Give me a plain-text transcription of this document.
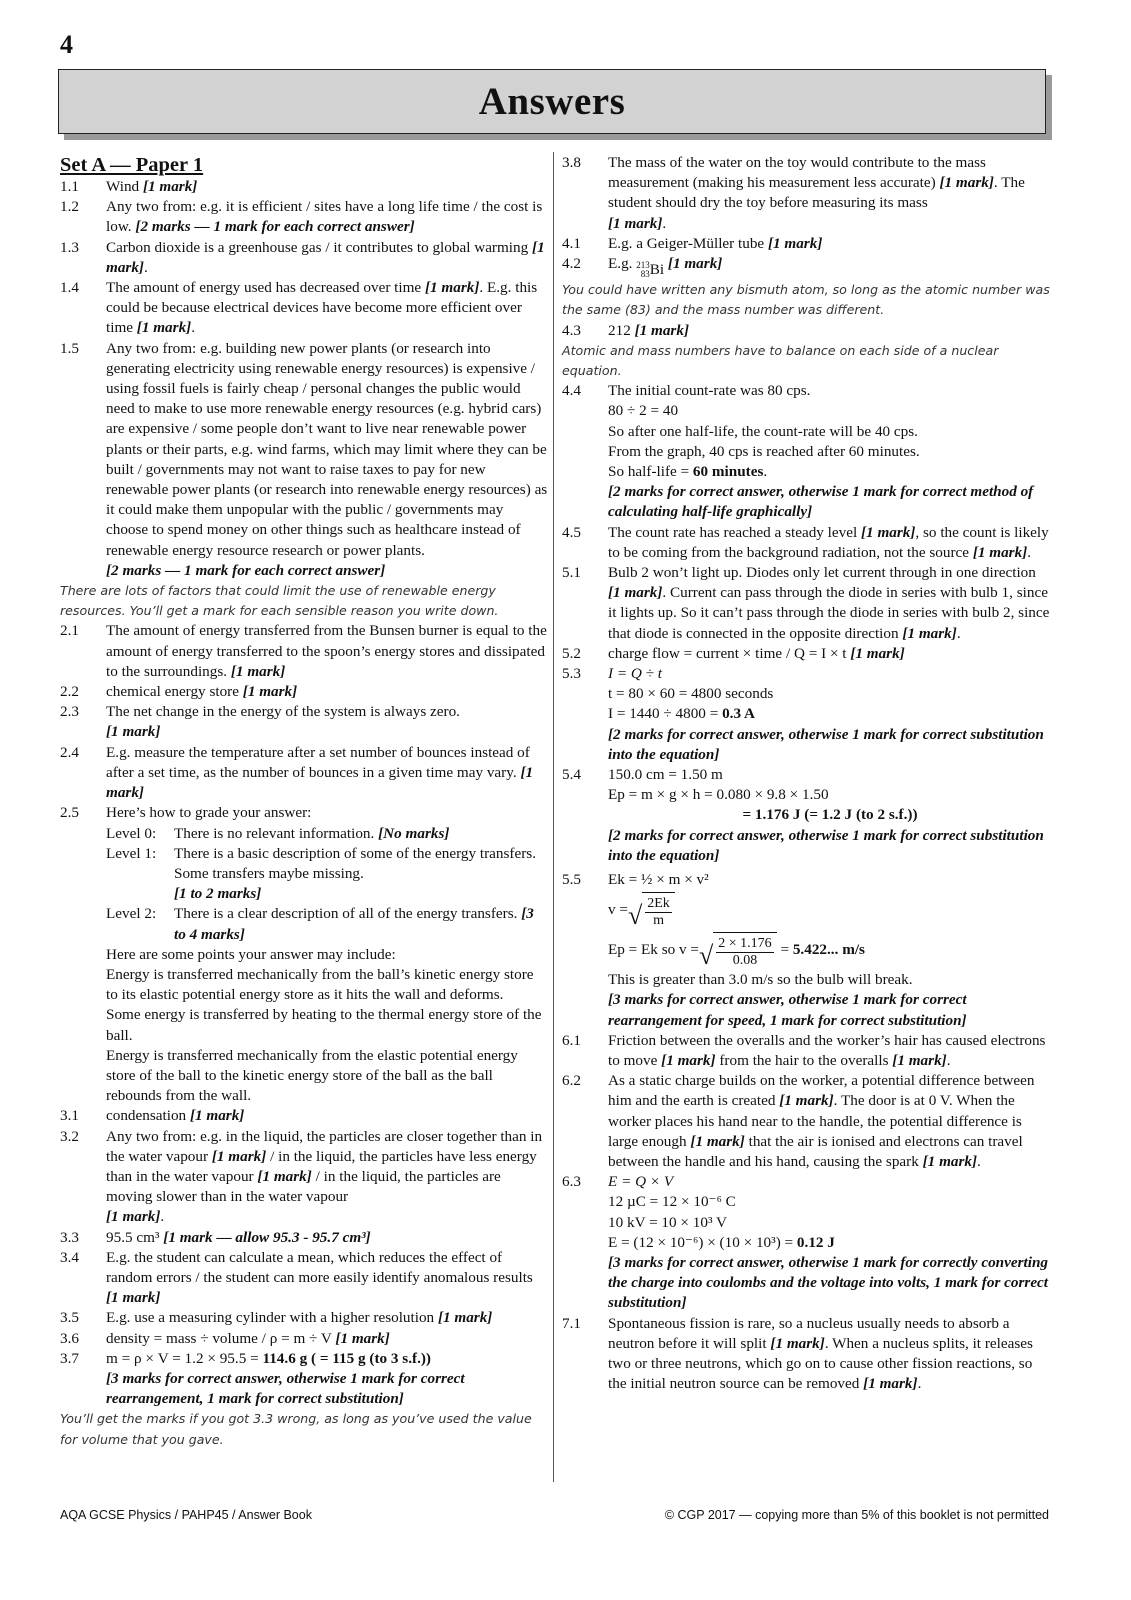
4
Answers
Set A — Paper 1
1.1	Wind [1 mark]
1.2	Any two from: e.g. it is efficient / sites have a long life time / the cost is low. [2 marks — 1 mark for each correct answer]
1.3	Carbon dioxide is a greenhouse gas / it contributes to global warming [1 mark].
1.4	The amount of energy used has decreased over time [1 mark]. E.g. this could be because electrical devices have become more efficient over time [1 mark].
1.5	Any two from: e.g. building new power plants (or research into generating electricity using renewable energy resources) is expensive / using fossil fuels is fairly cheap / personal changes the public would need to make to use more renewable energy resources (e.g. hybrid cars) are expensive / some people don’t want to live near renewable power plants or their parts, e.g. wind farms, which may limit where they can be built / governments may not want to raise taxes to pay for new renewable power plants (or research into renewable energy resources) as it could make them unpopular with the public / governments may choose to spend money on other things such as healthcare instead of renewable energy resource research or power plants.
[2 marks — 1 mark for each correct answer]
There are lots of factors that could limit the use of renewable energy resources. You’ll get a mark for each sensible reason you write down.
2.1	The amount of energy transferred from the Bunsen burner is equal to the amount of energy transferred to the spoon’s energy stores and dissipated to the surroundings. [1 mark]
2.2	chemical energy store [1 mark]
2.3	The net change in the energy of the system is always zero.
[1 mark]
2.4	E.g. measure the temperature after a set number of bounces instead of after a set time, as the number of bounces in a given time may vary. [1 mark]
2.5	Here’s how to grade your answer:
Level 0:	There is no relevant information. [No marks]
Level 1:	There is a basic description of some of the energy transfers. Some transfers maybe missing.
[1 to 2 marks]
Level 2:	There is a clear description of all of the energy transfers. [3 to 4 marks]
Here are some points your answer may include:
Energy is transferred mechanically from the ball’s kinetic energy store to its elastic potential energy store as it hits the wall and deforms.
Some energy is transferred by heating to the thermal energy store of the ball.
Energy is transferred mechanically from the elastic potential energy store of the ball to the kinetic energy store of the ball as the ball rebounds from the wall.
3.1	condensation [1 mark]
3.2	Any two from: e.g. in the liquid, the particles are closer together than in the water vapour [1 mark] / in the liquid, the particles have less energy than in the water vapour [1 mark] / in the liquid, the particles are moving slower than in the water vapour
[1 mark].
3.3	95.5 cm³ [1 mark — allow 95.3 - 95.7 cm³]
3.4	E.g. the student can calculate a mean, which reduces the effect of random errors / the student can more easily identify anomalous results [1 mark]
3.5	E.g. use a measuring cylinder with a higher resolution [1 mark]
3.6	density = mass ÷ volume / ρ = m ÷ V [1 mark]
3.7	m = ρ × V = 1.2 × 95.5 = 114.6 g ( = 115 g (to 3 s.f.))
[3 marks for correct answer, otherwise 1 mark for correct rearrangement, 1 mark for correct substitution]
You’ll get the marks if you got 3.3 wrong, as long as you’ve used the value for volume that you gave.
3.8	The mass of the water on the toy would contribute to the mass measurement (making his measurement less accurate) [1 mark]. The student should dry the toy before measuring its mass
[1 mark].
4.1	E.g. a Geiger-Müller tube [1 mark]
4.2	E.g. 213
83 Bi [1 mark]
You could have written any bismuth atom, so long as the atomic number was the same (83) and the mass number was different.
4.3	212 [1 mark]
Atomic and mass numbers have to balance on each side of a nuclear equation.
4.4	The initial count-rate was 80 cps.
80 ÷ 2 = 40
So after one half-life, the count-rate will be 40 cps.
From the graph, 40 cps is reached after 60 minutes.
So half-life = 60 minutes.
[2 marks for correct answer, otherwise 1 mark for correct method of calculating half-life graphically]
4.5	The count rate has reached a steady level [1 mark], so the count is likely to be coming from the background radiation, not the source [1 mark].
5.1	Bulb 2 won’t light up. Diodes only let current through in one direction [1 mark]. Current can pass through the diode in series with bulb 1, since it lights up. So it can’t pass through the diode in series with bulb 2, since that diode is connected in the opposite direction [1 mark].
5.2	charge flow = current × time / Q = I × t [1 mark]
5.3	I = Q ÷ t
t = 80 × 60 = 4800 seconds
I = 1440 ÷ 4800 = 0.3 A
[2 marks for correct answer, otherwise 1 mark for correct substitution into the equation]
5.4	150.0 cm = 1.50 m
Ep = m × g × h = 0.080 × 9.8 × 1.50
= 1.176 J (= 1.2 J (to 2 s.f.))
[2 marks for correct answer, otherwise 1 mark for correct substitution into the equation]
5.5	Ek = ½ × m × v²
v = √ $\frac{2Ek}{m}$
Ep = Ek so v = √ $\frac{2 \times 1.176}{0.08} = 5.422$... m/s
This is greater than 3.0 m/s so the bulb will break.
[3 marks for correct answer, otherwise 1 mark for correct rearrangement for speed, 1 mark for correct substitution]
6.1	Friction between the overalls and the worker’s hair has caused electrons to move [1 mark] from the hair to the overalls [1 mark].
6.2	As a static charge builds on the worker, a potential difference between him and the earth is created [1 mark]. The door is at 0 V. When the worker places his hand near to the handle, the potential difference is large enough [1 mark] that the air is ionised and electrons can travel between the handle and his hand, causing the spark [1 mark].
6.3	E = Q × V
12 µC = 12 × 10⁻⁶ C
10 kV = 10 × 10³ V
E = (12 × 10⁻⁶) × (10 × 10³) = 0.12 J
[3 marks for correct answer, otherwise 1 mark for correctly converting the charge into coulombs and the voltage into volts, 1 mark for correct substitution]
7.1	Spontaneous fission is rare, so a nucleus usually needs to absorb a neutron before it will split [1 mark]. When a nucleus splits, it releases two or three neutrons, which go on to cause other fission reactions, so the initial neutron source can be removed [1 mark].
AQA GCSE Physics / PAHP45 / Answer Book	© CGP 2017 — copying more than 5% of this booklet is not permitted
